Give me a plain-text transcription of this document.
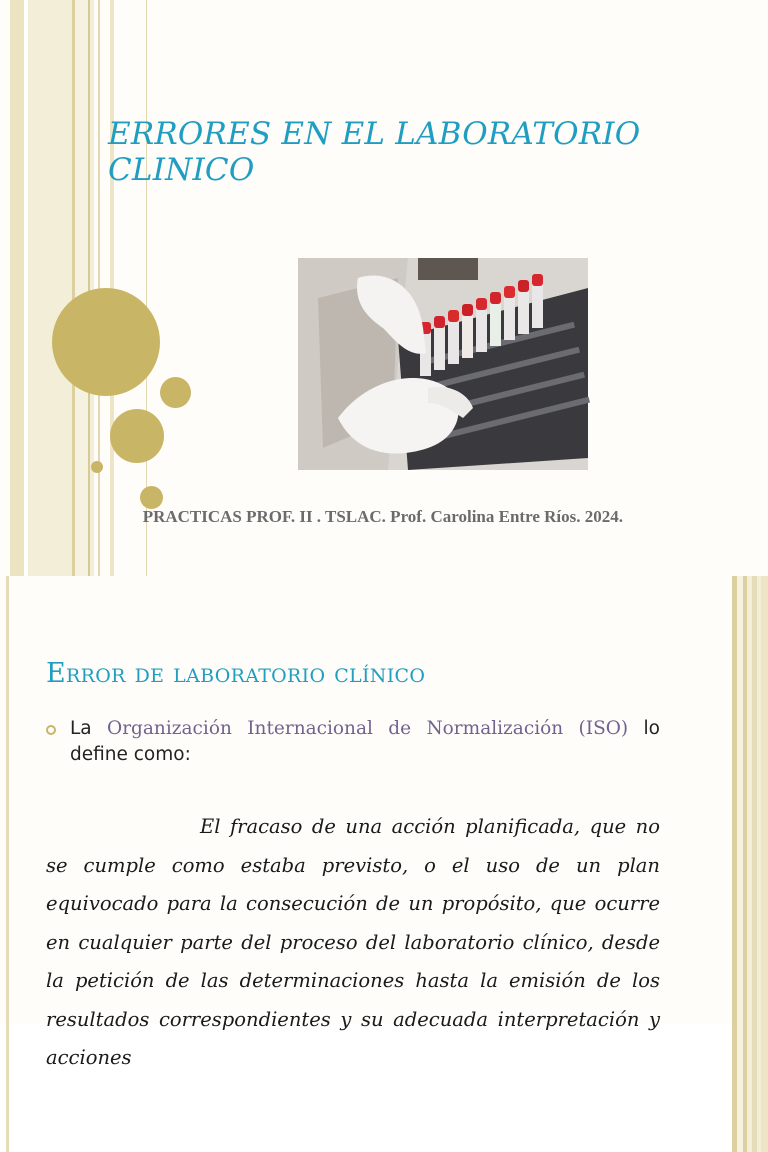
ERRORES EN EL LABORATORIO
CLINICO

PRACTICAS PROF. II . TSLAC. Prof. Carolina Entre Ríos. 2024.

Error de laboratorio clínico

La Organización Internacional de Normalización (ISO) lo define como:

El fracaso de una acción planificada, que no se cumple como estaba previsto, o el uso de un plan equivocado para la consecución de un propósito, que ocurre en cualquier parte del proceso del laboratorio clínico, desde la petición de las determinaciones hasta la emisión de los resultados correspondientes y su adecuada interpretación y acciones
